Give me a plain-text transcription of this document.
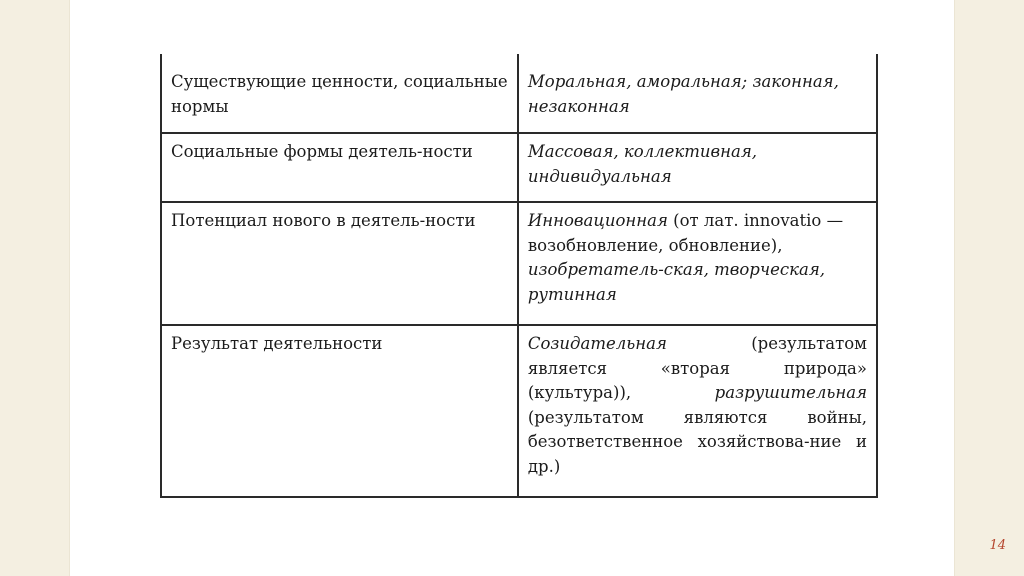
Существующие ценности, социальные нормы	Моральная, аморальная; законная, незаконная
Социальные формы деятель-ности	Массовая, коллективная, индивидуальная
Потенциал нового в деятель-ности	Инновационная (от лат. innovatio — возобновление, обновление), изобретатель-ская, творческая, рутинная
Результат деятельности	Созидательная (результатом является «вторая природа» (культура)), разрушительная (результатом являются войны, безответственное хозяйствова-ние и др.)
14
